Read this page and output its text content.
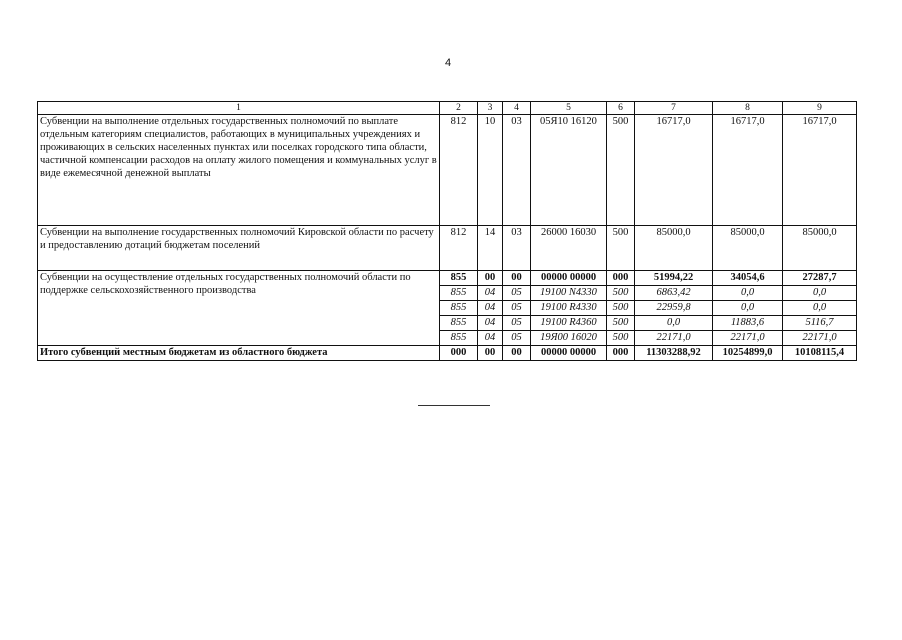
4
1	2	3	4	5	6	7	8	9
Субвенции на выполнение отдельных государственных полномочий по выплате отдельным категориям специалистов, работающих в муниципальных учреждениях и проживающих в сельских населенных пунктах или поселках городского типа области, частичной компенсации расходов на оплату жилого помещения и коммунальных услуг в виде ежемесячной денежной выплаты	812	10	03	05Я10 16120	500	16717,0	16717,0	16717,0
Субвенции на выполнение государственных полномочий Кировской области по расчету и предоставлению дотаций бюджетам поселений	812	14	03	26000 16030	500	85000,0	85000,0	85000,0
Субвенции на осуществление отдельных государственных полномочий области по поддержке сельскохозяйственного производства	855	00	00	00000 00000	000	51994,22	34054,6	27287,7
	855	04	05	19100 N4330	500	6863,42	0,0	0,0
	855	04	05	19100 R4330	500	22959,8	0,0	0,0
	855	04	05	19100 R4360	500	0,0	11883,6	5116,7
	855	04	05	19Я00 16020	500	22171,0	22171,0	22171,0
Итого субвенций местным бюджетам из областного бюджета	000	00	00	00000 00000	000	11303288,92	10254899,0	10108115,4
